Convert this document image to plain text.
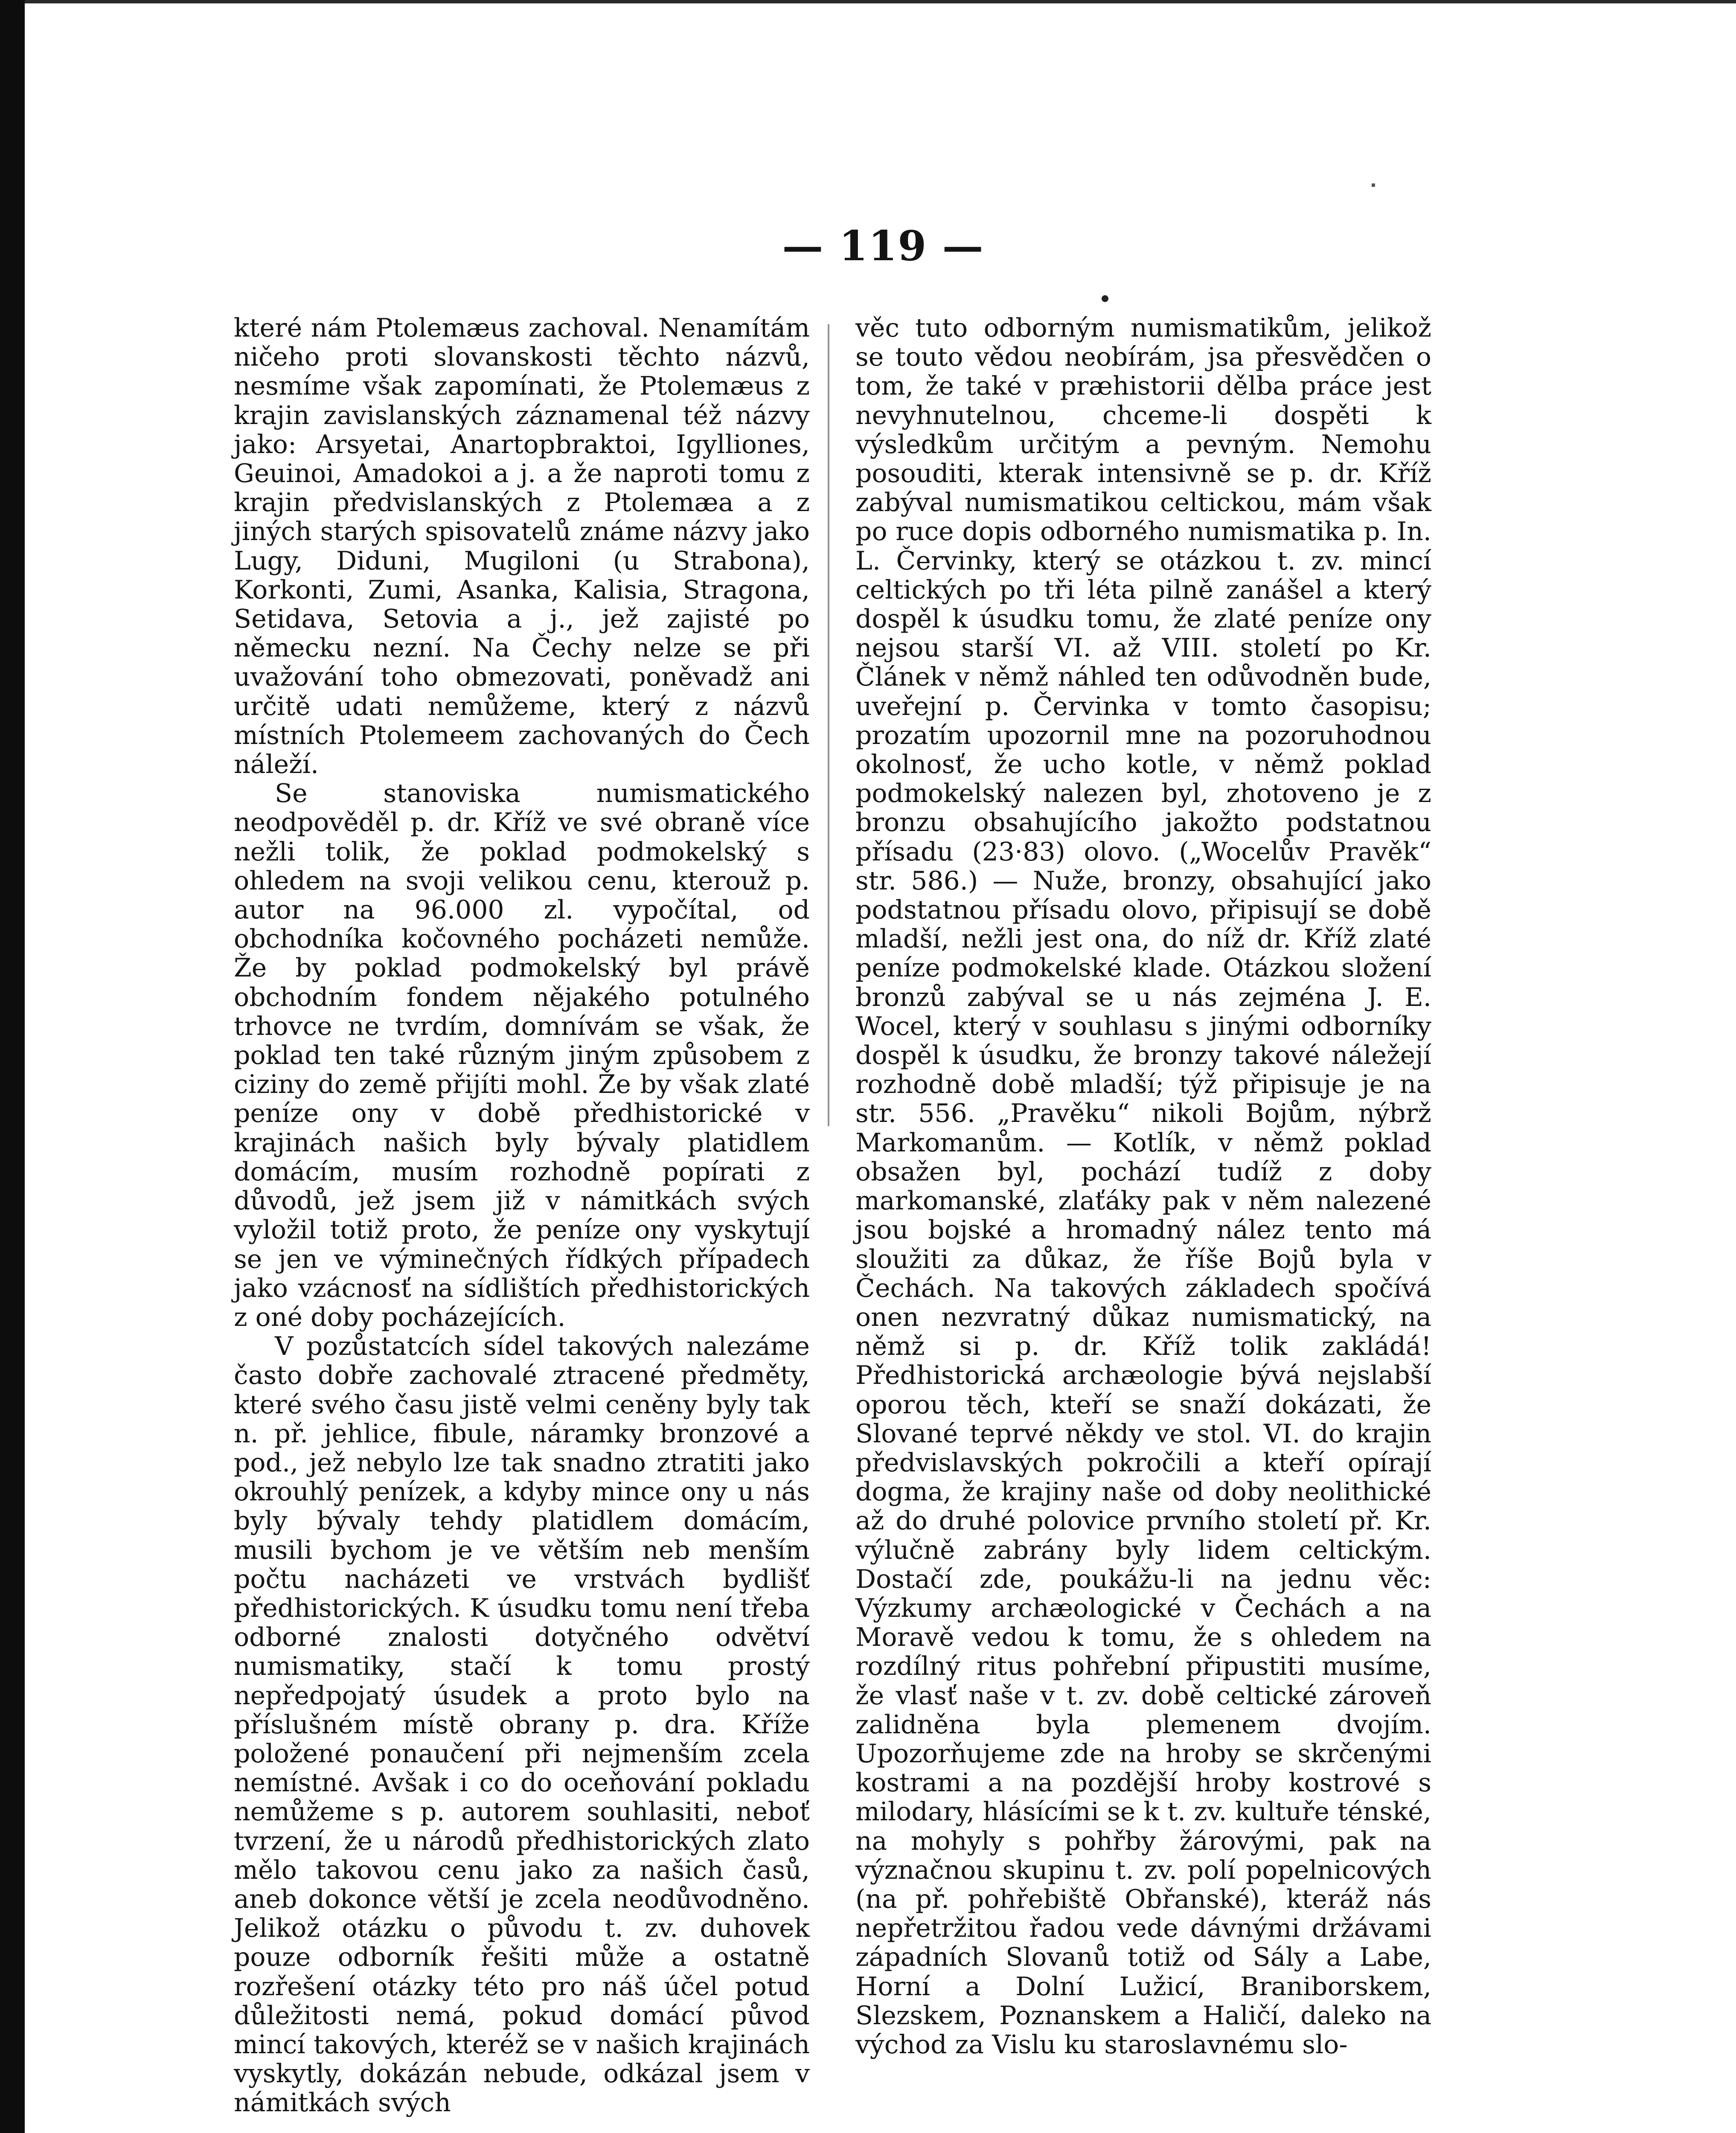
— 119 —

které nám Ptolemæus zachoval. Nenamítám ničeho proti slovanskosti těchto názvů, nesmíme však zapomínati, že Ptolemæus z krajin zavislanských záznamenal též názvy jako: Arsyetai, Anartopbraktoi, Igylliones, Geuinoi, Amadokoi a j. a že naproti tomu z krajin předvislanských z Ptolemæa a z jiných starých spisovatelů známe názvy jako Lugy, Diduni, Mugiloni (u Strabona), Korkonti, Zumi, Asanka, Kalisia, Stragona, Setidava, Setovia a j., jež zajisté po německu nezní. Na Čechy nelze se při uvažování toho obmezovati, poněvadž ani určitě udati nemůžeme, který z názvů místních Ptolemeem zachovaných do Čech náleží.

Se stanoviska numismatického neodpověděl p. dr. Kříž ve své obraně více nežli tolik, že poklad podmokelský s ohledem na svoji velikou cenu, kterouž p. autor na 96.000 zl. vypočítal, od obchodníka kočovného pocházeti nemůže. Že by poklad podmokelský byl právě obchodním fondem nějakého potulného trhovce ne tvrdím, domnívám se však, že poklad ten také různým jiným způsobem z ciziny do země přijíti mohl. Že by však zlaté peníze ony v době předhistorické v krajinách našich byly bývaly platidlem domácím, musím rozhodně popírati z důvodů, jež jsem již v námitkách svých vyložil totiž proto, že peníze ony vyskytují se jen ve výminečných řídkých případech jako vzácnosť na sídlištích předhistorických z oné doby pocházejících.

V pozůstatcích sídel takových nalezáme často dobře zachovalé ztracené předměty, které svého času jistě velmi ceněny byly tak n. př. jehlice, fibule, náramky bronzové a pod., jež nebylo lze tak snadno ztratiti jako okrouhlý penízek, a kdyby mince ony u nás byly bývaly tehdy platidlem domácím, musili bychom je ve větším neb menším počtu nacházeti ve vrstvách bydlišť předhistorických. K úsudku tomu není třeba odborné znalosti dotyčného odvětví numismatiky, stačí k tomu prostý nepředpojatý úsudek a proto bylo na příslušném místě obrany p. dra. Kříže položené ponaučení při nejmenším zcela nemístné. Avšak i co do oceňování pokladu nemůžeme s p. autorem souhlasiti, neboť tvrzení, že u národů předhistorických zlato mělo takovou cenu jako za našich časů, aneb dokonce větší je zcela neodůvodněno. Jelikož otázku o původu t. zv. duhovek pouze odborník řešiti může a ostatně rozřešení otázky této pro náš účel potud důležitosti nemá, pokud domácí původ mincí takových, kteréž se v našich krajinách vyskytly, dokázán nebude, odkázal jsem v námitkách svých

věc tuto odborným numismatikům, jelikož se touto vědou neobírám, jsa přesvědčen o tom, že také v præhistorii dělba práce jest nevyhnutelnou, chceme-li dospěti k výsledkům určitým a pevným. Nemohu posouditi, kterak intensivně se p. dr. Kříž zabýval numismatikou celtickou, mám však po ruce dopis odborného numismatika p. In. L. Červinky, který se otázkou t. zv. mincí celtických po tři léta pilně zanášel a který dospěl k úsudku tomu, že zlaté peníze ony nejsou starší VI. až VIII. století po Kr. Článek v němž náhled ten odůvodněn bude, uveřejní p. Červinka v tomto časopisu; prozatím upozornil mne na pozoruhodnou okolnosť, že ucho kotle, v němž poklad podmokelský nalezen byl, zhotoveno je z bronzu obsahujícího jakožto podstatnou přísadu (23·83) olovo. („Wocelův Pravěk“ str. 586.) — Nuže, bronzy, obsahující jako podstatnou přísadu olovo, připisují se době mladší, nežli jest ona, do níž dr. Kříž zlaté peníze podmokelské klade. Otázkou složení bronzů zabýval se u nás zejména J. E. Wocel, který v souhlasu s jinými odborníky dospěl k úsudku, že bronzy takové náležejí rozhodně době mladší; týž připisuje je na str. 556. „Pravěku“ nikoli Bojům, nýbrž Markomanům. — Kotlík, v němž poklad obsažen byl, pochází tudíž z doby markomanské, zlaťáky pak v něm nalezené jsou bojské a hromadný nález tento má sloužiti za důkaz, že říše Bojů byla v Čechách. Na takových základech spočívá onen nezvratný důkaz numismatický, na němž si p. dr. Kříž tolik zakládá! Předhistorická archæologie bývá nejslabší oporou těch, kteří se snaží dokázati, že Slované teprvé někdy ve stol. VI. do krajin předvislavských pokročili a kteří opírají dogma, že krajiny naše od doby neolithické až do druhé polovice prvního století př. Kr. výlučně zabrány byly lidem celtickým. Dostačí zde, poukážu-li na jednu věc: Výzkumy archæologické v Čechách a na Moravě vedou k tomu, že s ohledem na rozdílný ritus pohřební připustiti musíme, že vlasť naše v t. zv. době celtické zároveň zalidněna byla plemenem dvojím. Upozorňujeme zde na hroby se skrčenými kostrami a na pozdější hroby kostrové s milodary, hlásícími se k t. zv. kultuře ténské, na mohyly s pohřby žárovými, pak na význačnou skupinu t. zv. polí popelnicových (na př. pohřebiště Obřanské), kteráž nás nepřetržitou řadou vede dávnými držávami západních Slovanů totiž od Sály a Labe, Horní a Dolní Lužicí, Braniborskem, Slezskem, Poznanskem a Haličí, daleko na východ za Vislu ku staroslavnému slo-
